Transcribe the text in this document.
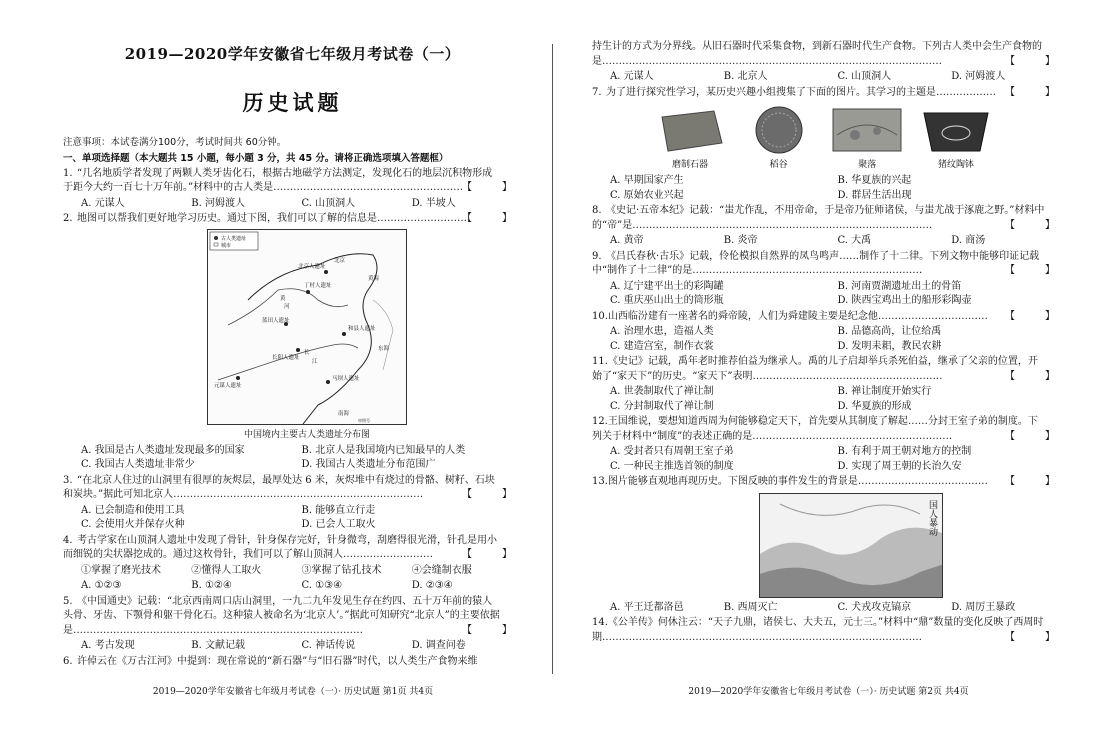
2019—2020学年安徽省七年级月考试卷（一）
历史试题
注意事项：本试卷满分100分，考试时间共 60分钟。
一、单项选择题（本大题共 15 小题，每小题 3 分，共 45 分。请将正确选项填入答题框）
1. “几名地质学者发现了两颗人类牙齿化石，根据古地磁学方法测定，发现化石的地层沉积物形成于距今大约一百七十万年前。”材料中的古人类是…………………………………………………
【　】
A. 元谋人	B. 河姆渡人	C. 山顶洞人	D. 半坡人
2. 地图可以帮我们更好地学习历史。通过下图，我们可以了解的信息是………………………
【　】
古人类遗址
城市
北京人遗址
丁村人遗址
蓝田人遗址
和县人遗址
长阳人遗址
元谋人遗址
马坝人遗址
北京
黄
河
长
江
黄海
东海
南海
审图号
中国境内主要古人类遗址分布图
A. 我国是古人类遗址发现最多的国家	B. 北京人是我国境内已知最早的人类
C. 我国古人类遗址非常少	D. 我国古人类遗址分布范围广
3. “在北京人住过的山洞里有很厚的灰烬层，最厚处达 6 米，灰烬堆中有烧过的骨骼、树籽、石块和炭块。”据此可知北京人…………………………………………………………………	【　】
A. 已会制造和使用工具	B. 能够直立行走
C. 会使用火并保存火种	D. 已会人工取火
4. 考古学家在山顶洞人遗址中发现了骨针，针身保存完好，针身微弯，刮磨得很光滑，针孔是用小而细锐的尖状器挖成的。通过这枚骨针，我们可以了解山顶洞人………………………	【　】
①掌握了磨光技术	②懂得人工取火	③掌握了钻孔技术	④会缝制衣服
A. ①②③	B. ①②④	C. ①③④	D. ②③④
5. 《中国通史》记载：“北京西南周口店山洞里，一九二九年发见生存在约四、五十万年前的猿人头骨、牙齿、下颚骨和躯干骨化石。这种猿人被命名为‘北京人’。”据此可知研究“北京人”的主要依据是……………………………………………………………………………	【　】
A. 考古发现	B. 文献记载	C. 神话传说	D. 调查问卷
6. 许倬云在《万古江河》中提到：现在常说的“新石器”与“旧石器”时代，以人类生产食物来维
2019—2020学年安徽省七年级月考试卷（一）· 历史试题 第1页 共4页
持生计的方式为分界线。从旧石器时代采集食物，到新石器时代生产食物。下列古人类中会生产食物的是…………………………………………………………………………………………	【　】
A. 元谋人	B. 北京人	C. 山顶洞人	D. 河姆渡人
7. 为了进行探究性学习，某历史兴趣小组搜集了下面的图片。其学习的主题是……………… 【　】
磨制石器	稻谷	聚落	猪纹陶钵
A. 早期国家产生	B. 华夏族的兴起
C. 原始农业兴起	D. 群居生活出现
8. 《史记·五帝本纪》记载：“蚩尤作乱，不用帝命，于是帝乃征师诸侯，与蚩尤战于涿鹿之野。”材料中的“帝”是………………………………………………………………………………	【　】
A. 黄帝	B. 炎帝	C. 大禹	D. 商汤
9. 《吕氏春秋·古乐》记载，伶伦模拟自然界的凤鸟鸣声……制作了十二律。下列文物中能够印证记载中“制作了十二律”的是……………………………………………………………	【　】
A. 辽宁建平出土的彩陶罐	B. 河南贾湖遗址出土的骨笛
C. 重庆巫山出土的筒形瓶	D. 陕西宝鸡出土的船形彩陶壶
10.山西临汾建有一座著名的舜帝陵，人们为舜建陵主要是纪念他…………………………… 【　】
A. 治理水患，造福人类	B. 品德高尚，让位给禹
C. 建造宫室，制作衣裳	D. 发明耒耜，教民农耕
11.《史记》记载，禹年老时推荐伯益为继承人。禹的儿子启却举兵杀死伯益，继承了父亲的位置，开始了“家天下”的历史。“家天下”表明…………………………………………………	【　】
A. 世袭制取代了禅让制	B. 禅让制度开始实行
C. 分封制取代了禅让制	D. 华夏族的形成
12.王国维说，要想知道西周为何能够稳定天下，首先要从其制度了解起……分封王室子弟的制度。下列关于材料中“制度”的表述正确的是……………………………………………………	【　】
A. 受封者只有周朝王室子弟	B. 有利于周王朝对地方的控制
C. 一种民主推选首领的制度	D. 实现了周王朝的长治久安
13.图片能够直观地再现历史。下图反映的事件发生的背景是………………………………… 【　】
国人暴动
A. 平王迁都洛邑	B. 西周灭亡	C. 犬戎攻克镐京	D. 周厉王暴政
14.《公羊传》何休注云：“天子九鼎，诸侯七、大夫五，元士三。”材料中“鼎”数量的变化反映了西周时期……………………………………………………………………………………	【　】
2019—2020学年安徽省七年级月考试卷（一）· 历史试题 第2页 共4页
